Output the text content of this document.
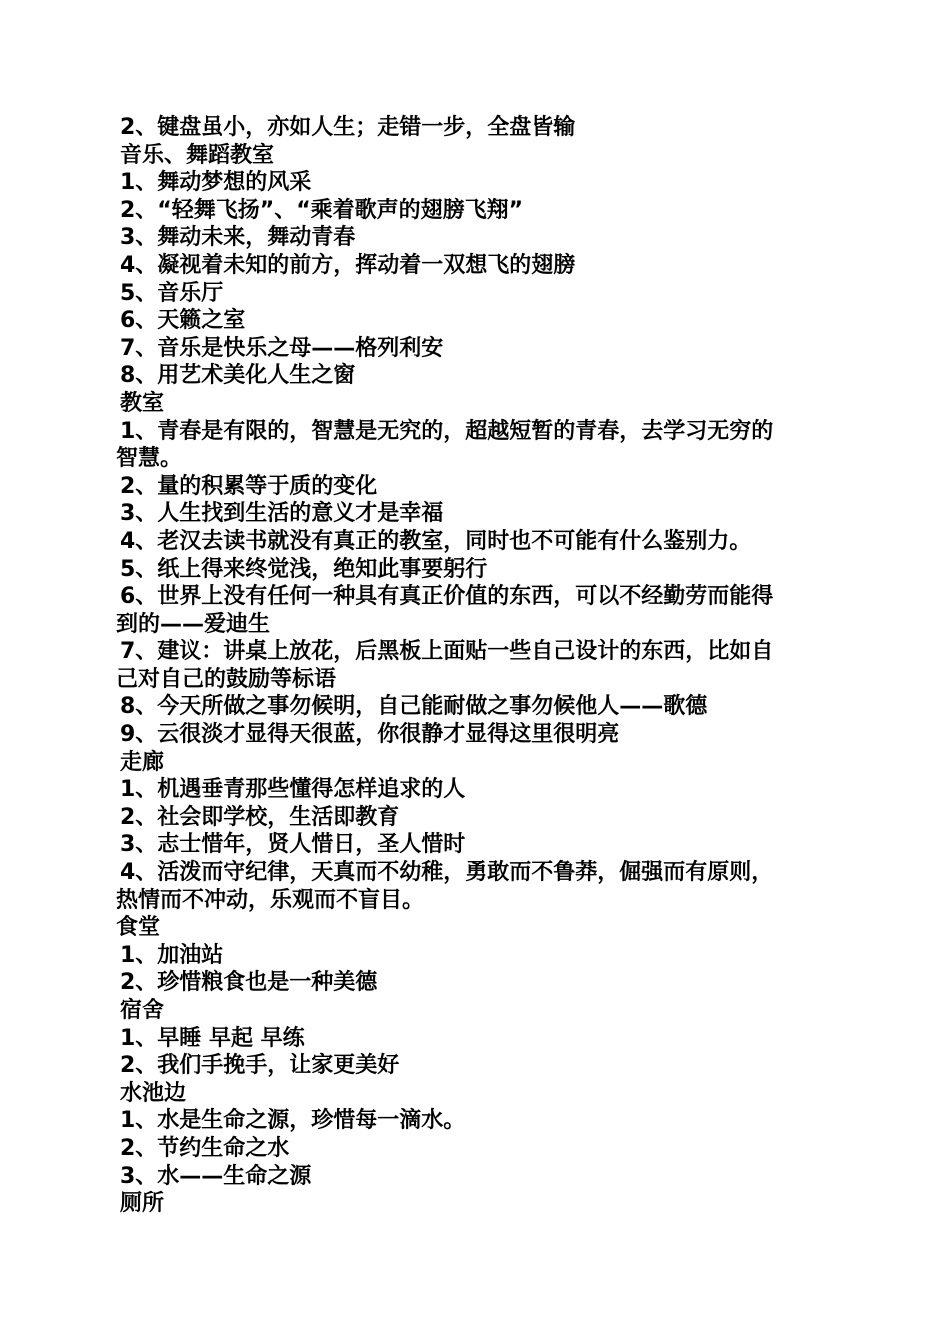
2、键盘虽小，亦如人生；走错一步，全盘皆输
音乐、舞蹈教室
1、舞动梦想的风采
2、“轻舞飞扬”、“乘着歌声的翅膀飞翔”
3、舞动未来，舞动青春
4、凝视着未知的前方，挥动着一双想飞的翅膀
5、音乐厅
6、天籁之室
7、音乐是快乐之母——格列利安
8、用艺术美化人生之窗
教室
1、青春是有限的，智慧是无究的，超越短暂的青春，去学习无穷的
智慧。
2、量的积累等于质的变化
3、人生找到生活的意义才是幸福
4、老汉去读书就没有真正的教室，同时也不可能有什么鉴别力。
5、纸上得来终觉浅，绝知此事要躬行
6、世界上没有任何一种具有真正价值的东西，可以不经勤劳而能得
到的——爱迪生
7、建议：讲桌上放花，后黑板上面贴一些自己设计的东西，比如自
己对自己的鼓励等标语
8、今天所做之事勿候明，自己能耐做之事勿候他人——歌德
9、云很淡才显得天很蓝，你很静才显得这里很明亮
走廊
1、机遇垂青那些懂得怎样追求的人
2、社会即学校，生活即教育
3、志士惜年，贤人惜日，圣人惜时
4、活泼而守纪律，天真而不幼稚，勇敢而不鲁莽，倔强而有原则，
热情而不冲动，乐观而不盲目。
食堂
1、加油站
2、珍惜粮食也是一种美德
宿舍
1、早睡 早起 早练
2、我们手挽手，让家更美好
水池边
1、水是生命之源，珍惜每一滴水。
2、节约生命之水
3、水——生命之源
厕所
